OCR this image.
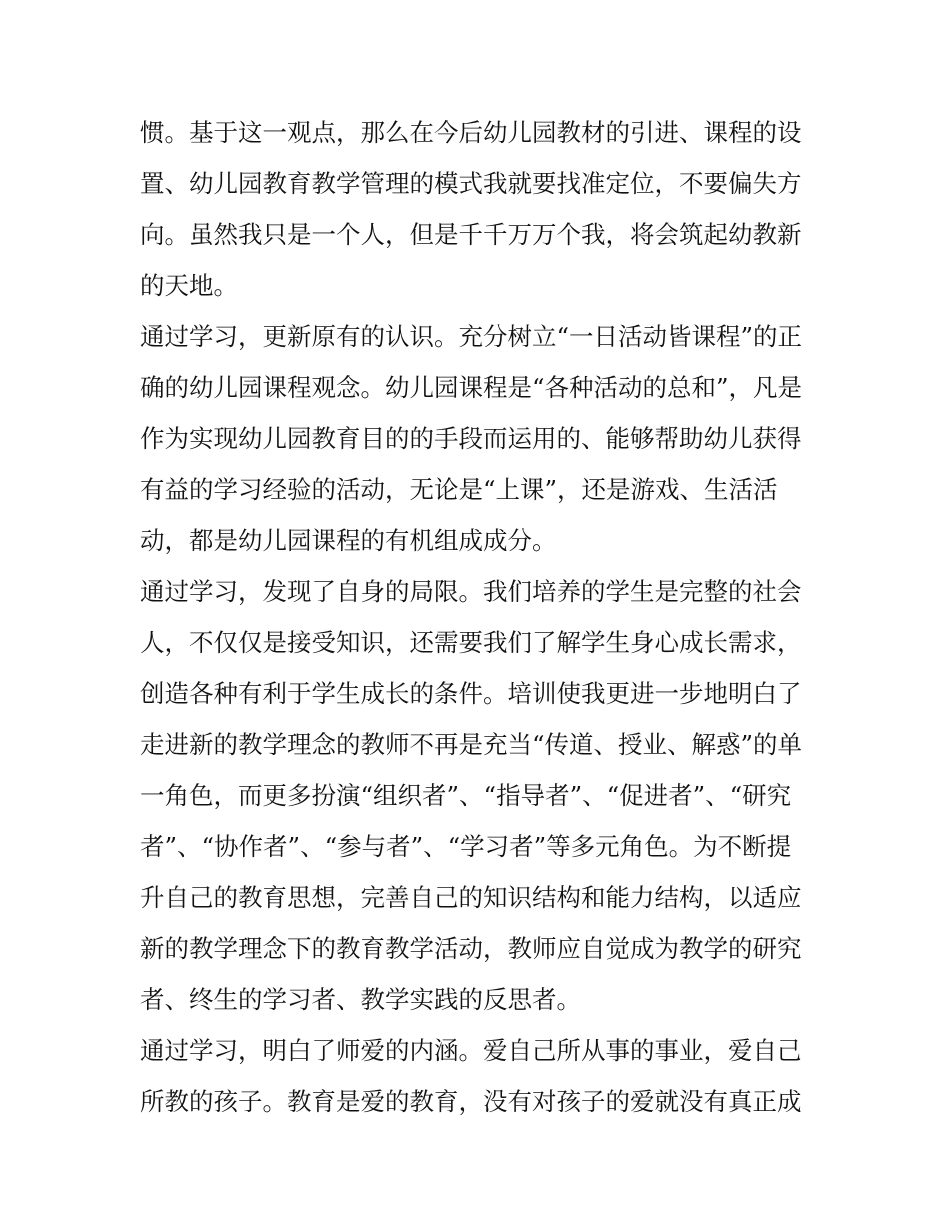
惯。基于这一观点，那么在今后幼儿园教材的引进、课程的设
置、幼儿园教育教学管理的模式我就要找准定位，不要偏失方
向。虽然我只是一个人，但是千千万万个我，将会筑起幼教新
的天地。

通过学习，更新原有的认识。充分树立“一日活动皆课程”的正
确的幼儿园课程观念。幼儿园课程是“各种活动的总和”，凡是
作为实现幼儿园教育目的的手段而运用的、能够帮助幼儿获得
有益的学习经验的活动，无论是“上课”，还是游戏、生活活
动，都是幼儿园课程的有机组成成分。

通过学习，发现了自身的局限。我们培养的学生是完整的社会
人，不仅仅是接受知识，还需要我们了解学生身心成长需求，
创造各种有利于学生成长的条件。培训使我更进一步地明白了
走进新的教学理念的教师不再是充当“传道、授业、解惑”的单
一角色，而更多扮演“组织者”、“指导者”、“促进者”、“研究
者”、“协作者”、“参与者”、“学习者”等多元角色。为不断提
升自己的教育思想，完善自己的知识结构和能力结构，以适应
新的教学理念下的教育教学活动，教师应自觉成为教学的研究
者、终生的学习者、教学实践的反思者。

通过学习，明白了师爱的内涵。爱自己所从事的事业，爱自己
所教的孩子。教育是爱的教育，没有对孩子的爱就没有真正成
